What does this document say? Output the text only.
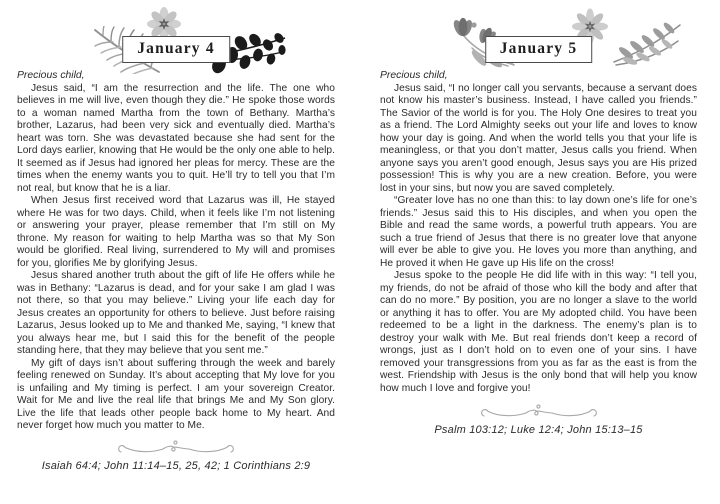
January 4

Precious child,

Jesus said, “I am the resurrection and the life. The one who believes in me will live, even though they die.” He spoke those words to a woman named Martha from the town of Bethany. Martha’s brother, Lazarus, had been very sick and eventually died. Martha’s heart was torn. She was devastated because she had sent for the Lord days earlier, knowing that He would be the only one able to help. It seemed as if Jesus had ignored her pleas for mercy. These are the times when the enemy wants you to quit. He’ll try to tell you that I’m not real, but know that he is a liar.

When Jesus first received word that Lazarus was ill, He stayed where He was for two days. Child, when it feels like I’m not listening or answering your prayer, please remember that I’m still on My throne. My reason for waiting to help Martha was so that My Son would be glorified. Real living, surrendered to My will and promises for you, glorifies Me by glorifying Jesus.

Jesus shared another truth about the gift of life He offers while he was in Bethany: “Lazarus is dead, and for your sake I am glad I was not there, so that you may believe.” Living your life each day for Jesus creates an opportunity for others to believe. Just before raising Lazarus, Jesus looked up to Me and thanked Me, saying, “I knew that you always hear me, but I said this for the benefit of the people standing here, that they may believe that you sent me.”

My gift of days isn’t about suffering through the week and barely feeling renewed on Sunday. It’s about accepting that My love for you is unfailing and My timing is perfect. I am your sovereign Creator. Wait for Me and live the real life that brings Me and My Son glory. Live the life that leads other people back home to My heart. And never forget how much you matter to Me.

Isaiah 64:4; John 11:14–15, 25, 42; 1 Corinthians 2:9

January 5

Precious child,

Jesus said, “I no longer call you servants, because a servant does not know his master’s business. Instead, I have called you friends.” The Savior of the world is for you. The Holy One desires to treat you as a friend. The Lord Almighty seeks out your life and loves to know how your day is going. And when the world tells you that your life is meaningless, or that you don’t matter, Jesus calls you friend. When anyone says you aren’t good enough, Jesus says you are His prized possession! This is why you are a new creation. Before, you were lost in your sins, but now you are saved completely.

“Greater love has no one than this: to lay down one’s life for one’s friends.” Jesus said this to His disciples, and when you open the Bible and read the same words, a powerful truth appears. You are such a true friend of Jesus that there is no greater love that anyone will ever be able to give you. He loves you more than anything, and He proved it when He gave up His life on the cross!

Jesus spoke to the people He did life with in this way: “I tell you, my friends, do not be afraid of those who kill the body and after that can do no more.” By position, you are no longer a slave to the world or anything it has to offer. You are My adopted child. You have been redeemed to be a light in the darkness. The enemy’s plan is to destroy your walk with Me. But real friends don’t keep a record of wrongs, just as I don’t hold on to even one of your sins. I have removed your transgressions from you as far as the east is from the west. Friendship with Jesus is the only bond that will help you know how much I love and forgive you!

Psalm 103:12; Luke 12:4; John 15:13–15
